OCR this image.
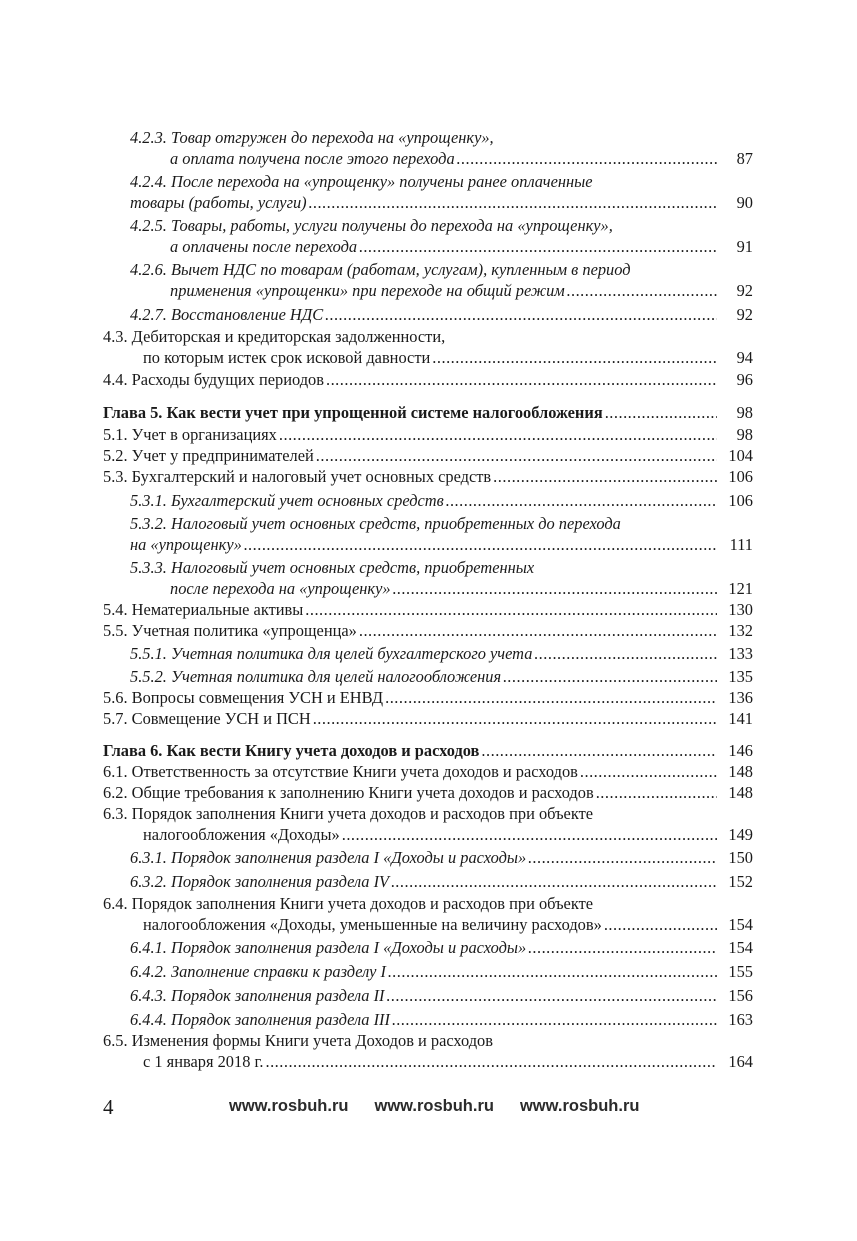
4.2.3. Товар отгружен до перехода на «упрощенку»,
а оплата получена после этого перехода .....	87
4.2.4. После перехода на «упрощенку» получены ранее оплаченные
товары (работы, услуги) .....	90
4.2.5. Товары, работы, услуги получены до перехода на «упрощенку»,
а оплачены после перехода .....	91
4.2.6. Вычет НДС по товарам (работам, услугам), купленным в период
применения «упрощенки» при переходе на общий режим .....	92
4.2.7. Восстановление НДС .....	92
4.3. Дебиторская и кредиторская задолженности,
по которым истек срок исковой давности .....	94
4.4. Расходы будущих периодов .....	96
Глава 5. Как вести учет при упрощенной системе налогообложения .....	98
5.1. Учет в организациях .....	98
5.2. Учет у предпринимателей .....	104
5.3. Бухгалтерский и налоговый учет основных средств .....	106
5.3.1. Бухгалтерский учет основных средств .....	106
5.3.2. Налоговый учет основных средств, приобретенных до перехода
на «упрощенку» .....	111
5.3.3. Налоговый учет основных средств, приобретенных
после перехода на «упрощенку» .....	121
5.4. Нематериальные активы .....	130
5.5. Учетная политика «упрощенца» .....	132
5.5.1. Учетная политика для целей бухгалтерского учета .....	133
5.5.2. Учетная политика для целей налогообложения .....	135
5.6. Вопросы совмещения УСН и ЕНВД .....	136
5.7. Совмещение УСН и ПСН .....	141
Глава 6. Как вести Книгу учета доходов и расходов .....	146
6.1. Ответственность за отсутствие Книги учета доходов и расходов .....	148
6.2. Общие требования к заполнению Книги учета доходов и расходов .....	148
6.3. Порядок заполнения Книги учета доходов и расходов при объекте
налогообложения «Доходы» .....	149
6.3.1. Порядок заполнения раздела I «Доходы и расходы» .....	150
6.3.2. Порядок заполнения раздела IV .....	152
6.4. Порядок заполнения Книги учета доходов и расходов при объекте
налогообложения «Доходы, уменьшенные на величину расходов» .....	154
6.4.1. Порядок заполнения раздела I «Доходы и расходы» .....	154
6.4.2. Заполнение справки к разделу I .....	155
6.4.3. Порядок заполнения раздела II .....	156
6.4.4. Порядок заполнения раздела III .....	163
6.5. Изменения формы Книги учета Доходов и расходов
с 1 января 2018 г. .....	164
4	www.rosbuh.ru www.rosbuh.ru www.rosbuh.ru
